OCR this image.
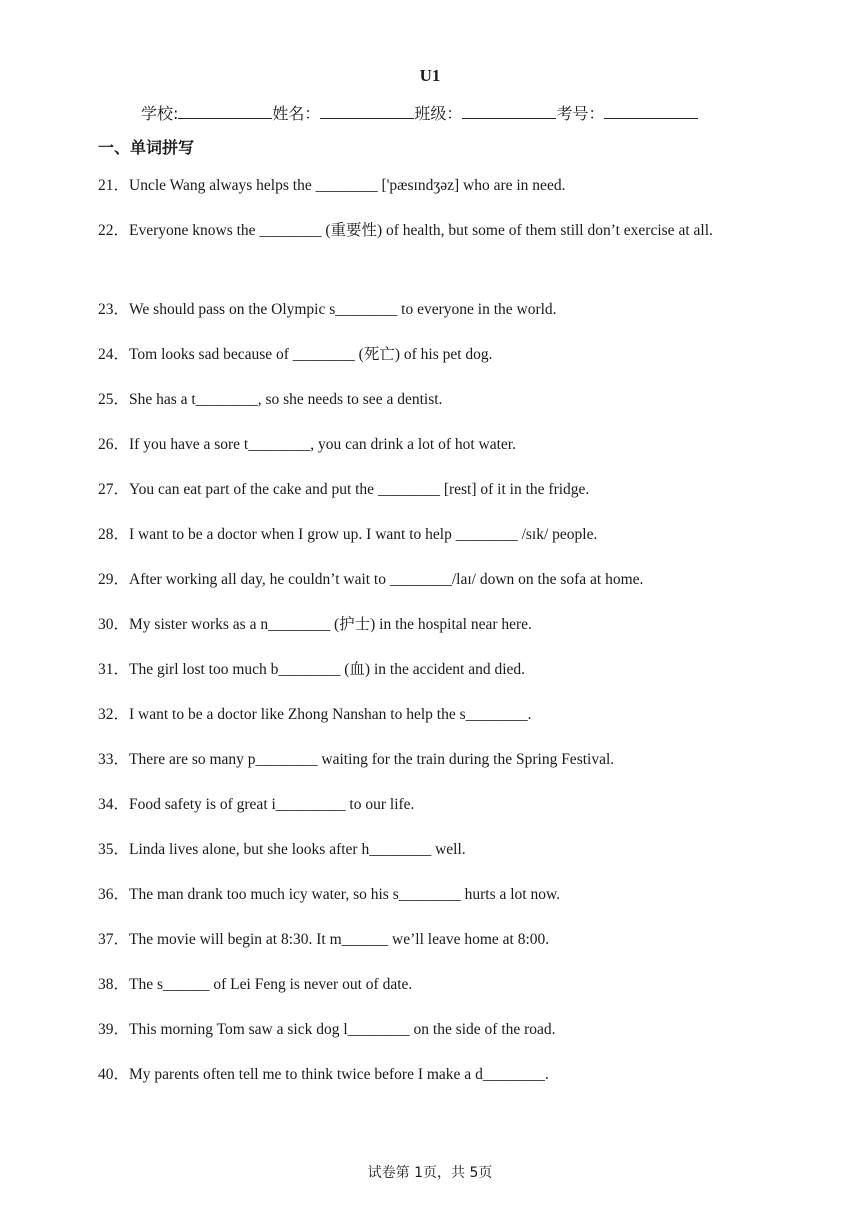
U1
学校:	姓名：	班级：	考号：
一、单词拼写
21．Uncle Wang always helps the ________ ['pæsɪndʒəz] who are in need.
22．Everyone knows the ________ (重要性) of health, but some of them still don’t exercise at all.
23．We should pass on the Olympic s________ to everyone in the world.
24．Tom looks sad because of ________ (死亡) of his pet dog.
25．She has a t________, so she needs to see a dentist.
26．If you have a sore t________, you can drink a lot of hot water.
27．You can eat part of the cake and put the ________ [rest] of it in the fridge.
28．I want to be a doctor when I grow up. I want to help ________ /sɪk/ people.
29．After working all day, he couldn’t wait to ________/laɪ/ down on the sofa at home.
30．My sister works as a n________ (护士) in the hospital near here.
31．The girl lost too much b________ (血) in the accident and died.
32．I want to be a doctor like Zhong Nanshan to help the s________.
33．There are so many p________ waiting for the train during the Spring Festival.
34．Food safety is of great i_________ to our life.
35．Linda lives alone, but she looks after h________ well.
36．The man drank too much icy water, so his s________ hurts a lot now.
37．The movie will begin at 8:30. It m______ we’ll leave home at 8:00.
38．The s______ of Lei Feng is never out of date.
39．This morning Tom saw a sick dog l________ on the side of the road.
40．My parents often tell me to think twice before I make a d________.
试卷第 1页，共 5页
